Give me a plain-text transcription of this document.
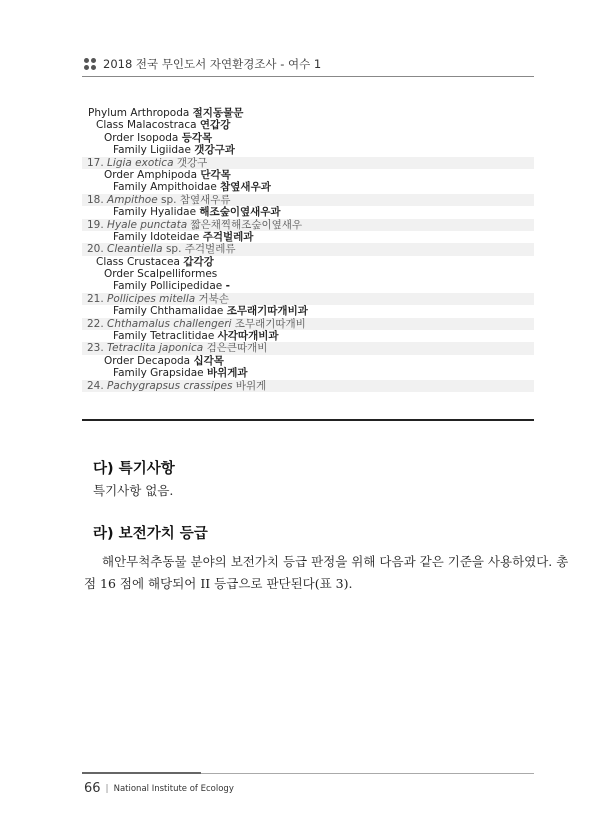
2018 전국 무인도서 자연환경조사 - 여수 1
Phylum Arthropoda 절지동물문
Class Malacostraca 연갑강
Order Isopoda 등각목
Family Ligiidae 갯강구과
17. Ligia exotica 갯강구
Order Amphipoda 단각목
Family Ampithoidae 참옆새우과
18. Ampithoe sp. 참옆새우류
Family Hyalidae 해조숲이옆새우과
19. Hyale punctata 짧은채찍해조숲이옆새우
Family Idoteidae 주걱벌레과
20. Cleantiella sp. 주걱벌레류
Class Crustacea 갑각강
Order Scalpelliformes
Family Pollicipedidae -
21. Pollicipes mitella 거북손
Family Chthamalidae 조무래기따개비과
22. Chthamalus challengeri 조무래기따개비
Family Tetraclitidae 사각따개비과
23. Tetraclita japonica 검은큰따개비
Order Decapoda 십각목
Family Grapsidae 바위게과
24. Pachygrapsus crassipes 바위게
다) 특기사항
특기사항 없음.
라) 보전가치 등급
해안무척추동물 분야의 보전가치 등급 판정을 위해 다음과 같은 기준을 사용하였다. 총
점 16 점에 해당되어 II 등급으로 판단된다(표 3).
66 | National Institute of Ecology
